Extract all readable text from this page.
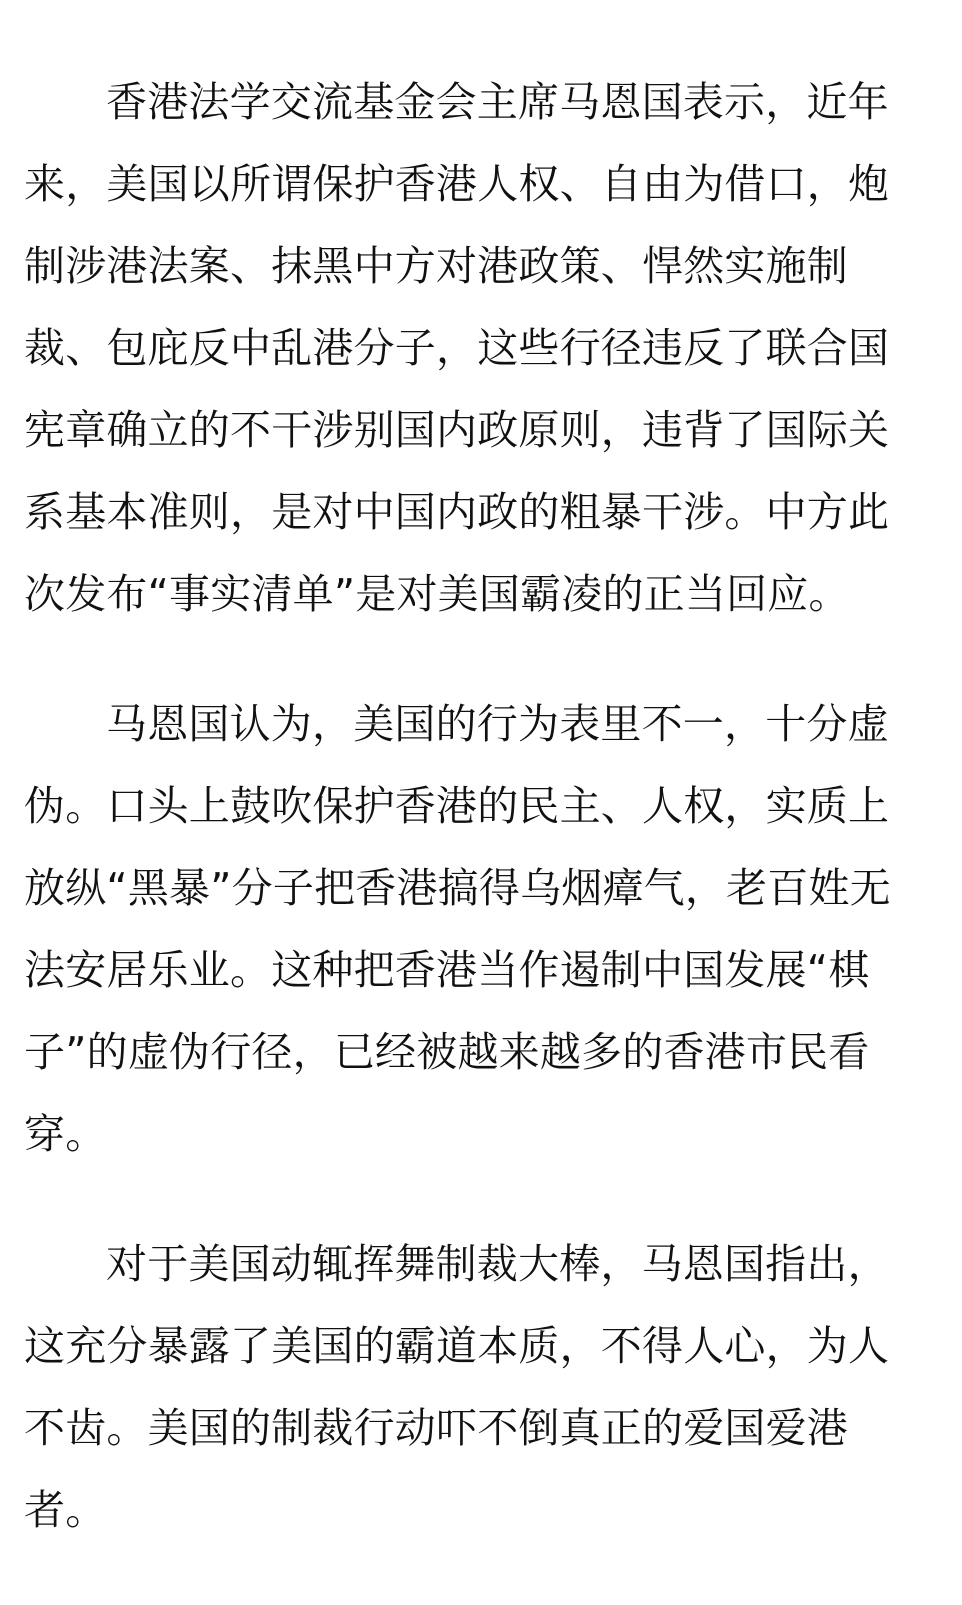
香港法学交流基金会主席马恩国表示，近年
来，美国以所谓保护香港人权、自由为借口，炮
制涉港法案、抹黑中方对港政策、悍然实施制
裁、包庇反中乱港分子，这些行径违反了联合国
宪章确立的不干涉别国内政原则，违背了国际关
系基本准则，是对中国内政的粗暴干涉。中方此
次发布“事实清单”是对美国霸凌的正当回应。

马恩国认为，美国的行为表里不一，十分虚
伪。口头上鼓吹保护香港的民主、人权，实质上
放纵“黑暴”分子把香港搞得乌烟瘴气，老百姓无
法安居乐业。这种把香港当作遏制中国发展“棋
子”的虚伪行径，已经被越来越多的香港市民看
穿。

对于美国动辄挥舞制裁大棒，马恩国指出，
这充分暴露了美国的霸道本质，不得人心，为人
不齿。美国的制裁行动吓不倒真正的爱国爱港
者。
